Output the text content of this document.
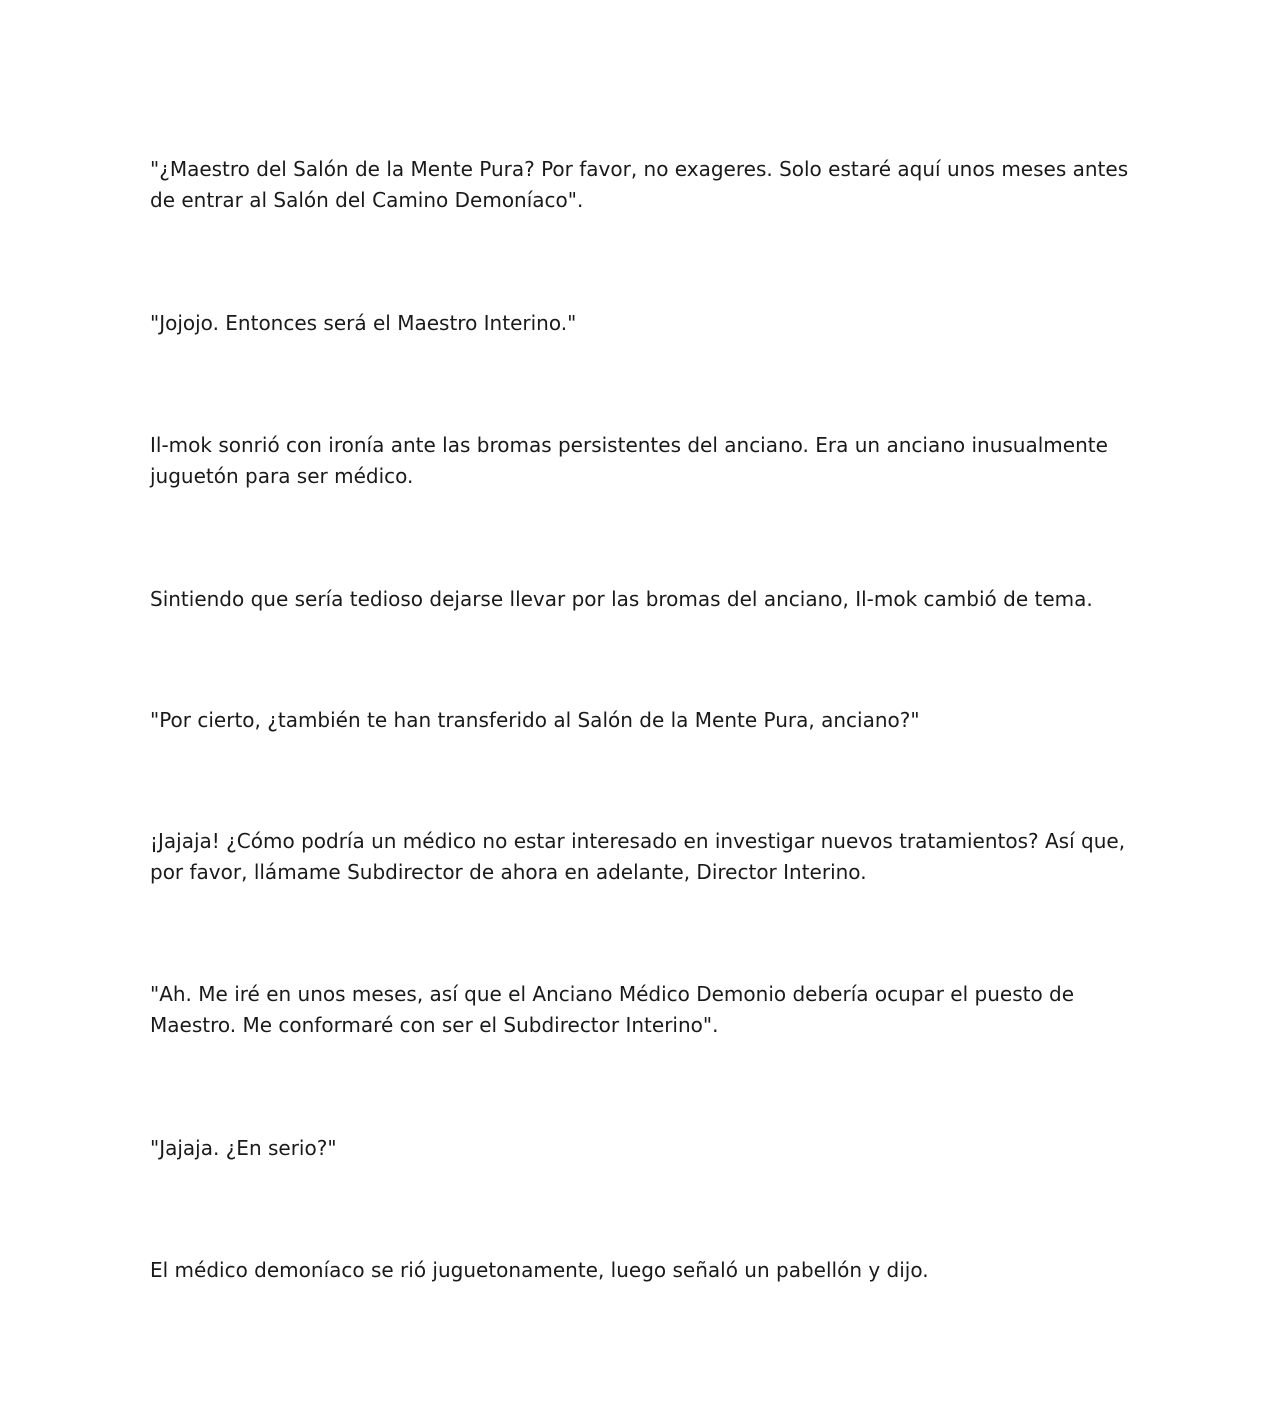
"¿Maestro del Salón de la Mente Pura? Por favor, no exageres. Solo estaré aquí unos meses antes de entrar al Salón del Camino Demoníaco".

"Jojojo. Entonces será el Maestro Interino."

Il-mok sonrió con ironía ante las bromas persistentes del anciano. Era un anciano inusualmente juguetón para ser médico.

Sintiendo que sería tedioso dejarse llevar por las bromas del anciano, Il-mok cambió de tema.

"Por cierto, ¿también te han transferido al Salón de la Mente Pura, anciano?"

¡Jajaja! ¿Cómo podría un médico no estar interesado en investigar nuevos tratamientos? Así que, por favor, llámame Subdirector de ahora en adelante, Director Interino.

"Ah. Me iré en unos meses, así que el Anciano Médico Demonio debería ocupar el puesto de Maestro. Me conformaré con ser el Subdirector Interino".

"Jajaja. ¿En serio?"

El médico demoníaco se rió juguetonamente, luego señaló un pabellón y dijo.
